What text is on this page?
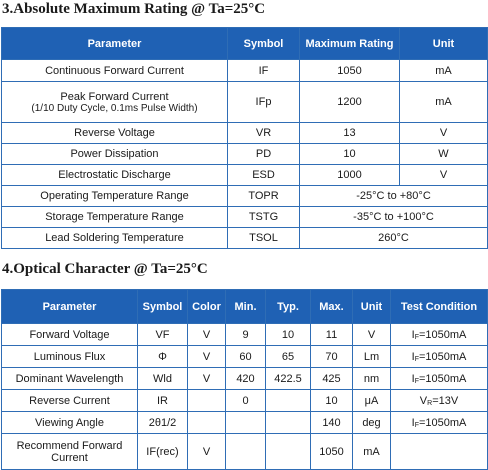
3.Absolute Maximum Rating @ Ta=25°C
Parameter	Symbol	Maximum Rating	Unit
Continuous Forward Current	IF	1050	mA
Peak Forward Current
(1/10 Duty Cycle, 0.1ms Pulse Width)	IFp	1200	mA
Reverse Voltage	VR	13	V
Power Dissipation	PD	10	W
Electrostatic Discharge	ESD	1000	V
Operating Temperature Range	TOPR	-25°C to +80°C	
Storage Temperature Range	TSTG	-35°C to +100°C	
Lead Soldering Temperature	TSOL	260°C	
4.Optical Character @ Ta=25°C
Parameter	Symbol	Color	Min.	Typ.	Max.	Unit	Test Condition
Forward Voltage	VF	V	9	10	11	V	$I_F=1050mA$
Luminous Flux	Φ	V	60	65	70	Lm	$I_F=1050mA$
Dominant Wavelength	Wld	V	420	422.5	425	nm	$I_F=1050mA$
Reverse Current	IR		0		10	μA	$V_R=13V$
Viewing Angle	2θ1/2				140	deg	$I_F=1050mA$
Recommend Forward
Current	IF(rec)	V			1050	mA	
